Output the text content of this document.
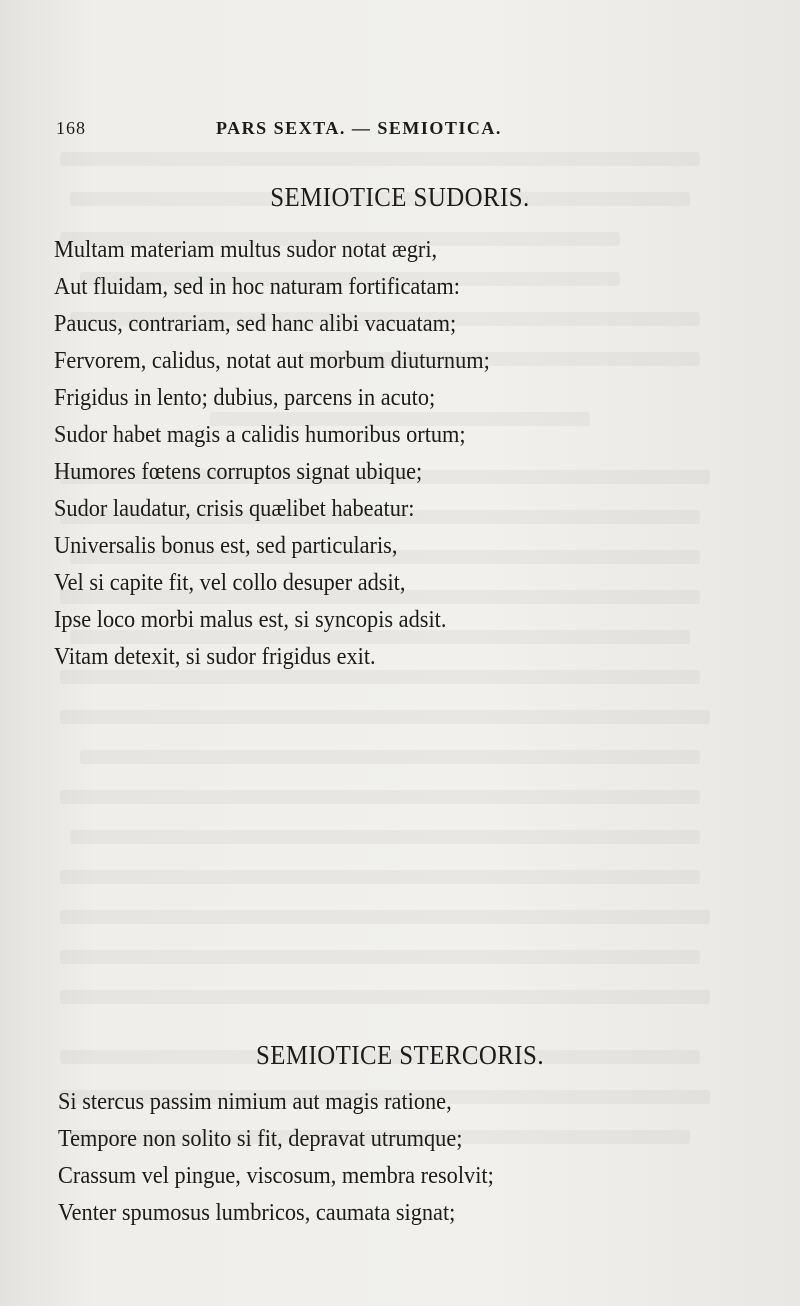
168	PARS SEXTA. — SEMIOTICA.
SEMIOTICE SUDORIS.
Multam materiam multus sudor notat ægri,
Aut fluidam, sed in hoc naturam fortificatam:
Paucus, contrariam, sed hanc alibi vacuatam;
Fervorem, calidus, notat aut morbum diuturnum;
Frigidus in lento; dubius, parcens in acuto;
Sudor habet magis a calidis humoribus ortum;
Humores fœtens corruptos signat ubique;
Sudor laudatur, crisis quælibet habeatur:
Universalis bonus est, sed particularis,
Vel si capite fit, vel collo desuper adsit,
Ipse loco morbi malus est, si syncopis adsit.
Vitam detexit, si sudor frigidus exit.
SEMIOTICE STERCORIS.
Si stercus passim nimium aut magis ratione,
Tempore non solito si fit, depravat utrumque;
Crassum vel pingue, viscosum, membra resolvit;
Venter spumosus lumbricos, caumata signat;
